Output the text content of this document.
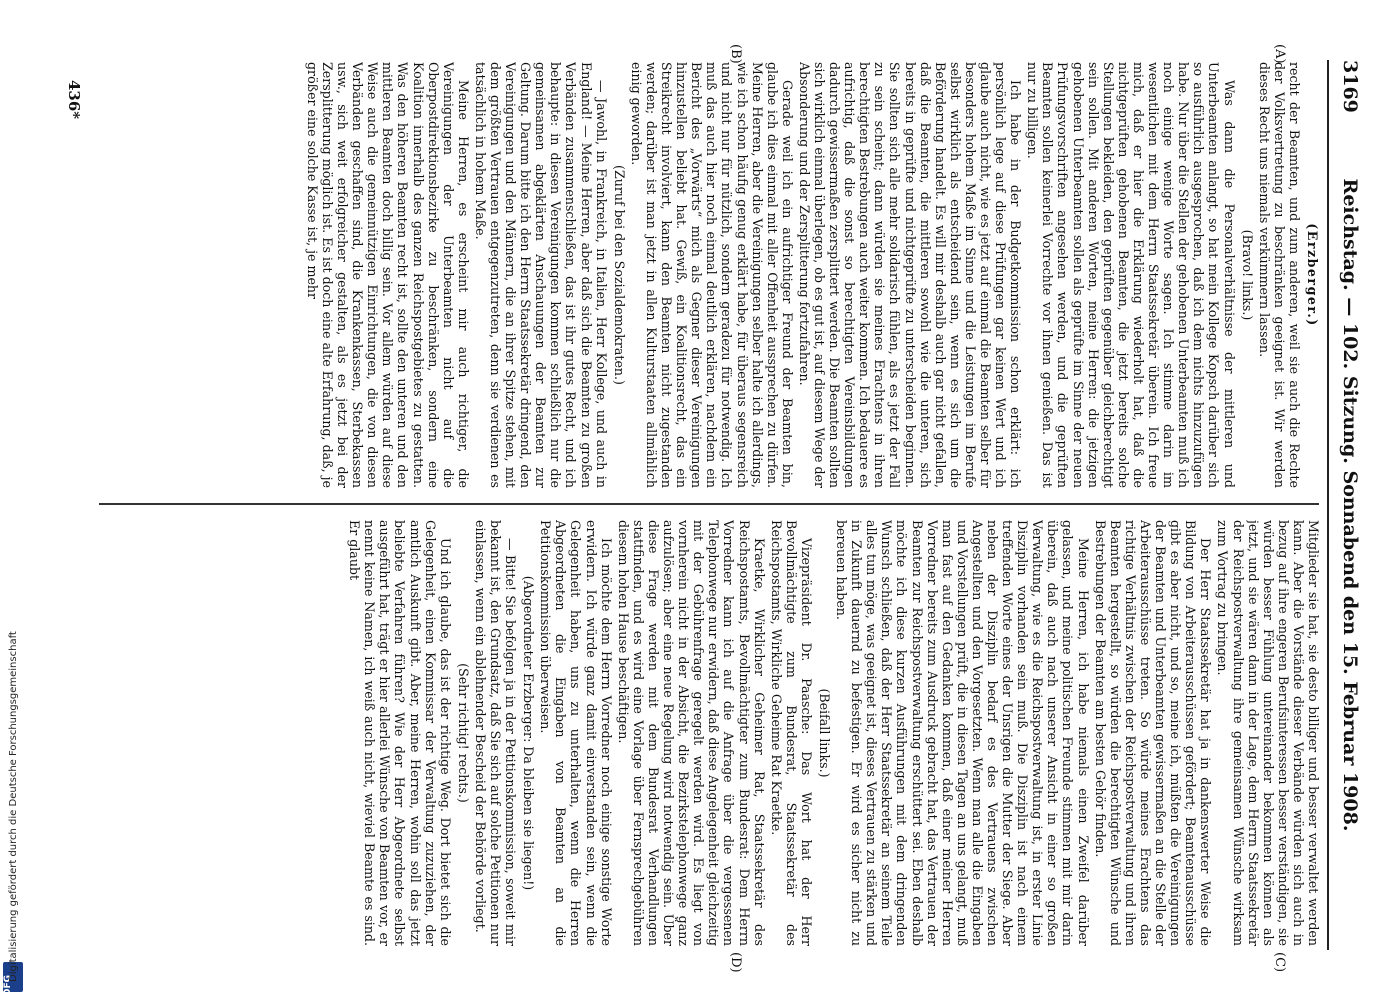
3169
Reichstag. — 102. Sitzung. Sonnabend den 15. Februar 1908.
(A)
(B)
(C)
(D)

(Erzberger.)

recht der Beamten, und zum anderen, weil sie auch die Rechte der Volksvertretung zu beschränken geeignet ist. Wir werden dieses Recht uns niemals verkümmern lassen.

(Bravo! links.)

Was dann die Personalverhältnisse der mittleren und Unterbeamten anlangt, so hat mein Kollege Kopsch darüber sich so ausführlich ausgesprochen, daß ich dem nichts hinzuzufügen habe. Nur über die Stellen der gehobenen Unterbeamten muß ich noch einige wenige Worte sagen. Ich stimme darin im wesentlichen mit dem Herrn Staatssekretär überein. Ich freue mich, daß er hier die Erklärung wiederholt hat, daß die nichtgeprüften gehobenen Beamten, die jetzt bereits solche Stellungen bekleiden, den geprüften gegenüber gleichberechtigt sein sollen. Mit anderen Worten, meine Herren: die jetzigen gehobenen Unterbeamten sollen als geprüfte im Sinne der neuen Prüfungsvorschriften angesehen werden, und die geprüften Beamten sollen keinerlei Vorrechte vor ihnen genießen. Das ist nur zu billigen.

Ich habe in der Budgetkommission schon erklärt: ich persönlich lege auf diese Prüfungen gar keinen Wert und ich glaube auch nicht, wie es jetzt auf einmal die Beamten selber für besonders hohem Maße im Sinne und die Leistungen im Berufe selbst wirklich als entscheidend sein, wenn es sich um die Beförderung handelt. Es will mir deshalb auch gar nicht gefallen, daß die Beamten, die mittleren sowohl wie die unteren, sich bereits in geprüfte und nichtgeprüfte zu unterscheiden beginnen. Sie sollten sich alle mehr solidarisch fühlen, als es jetzt der Fall zu sein scheint; dann würden sie meines Erachtens in ihren berechtigten Bestrebungen auch weiter kommen. Ich bedauere es aufrichtig, daß die sonst so berechtigten Vereinsbildungen dadurch gewissermaßen zersplittert werden. Die Beamten sollten sich wirklich einmal überlegen, ob es gut ist, auf diesem Wege der Absonderung und der Zersplitterung fortzufahren.

Gerade weil ich ein aufrichtiger Freund der Beamten bin, glaube ich dies einmal mit aller Offenheit aussprechen zu dürfen. Meine Herren, aber die Vereinigungen selber halte ich allerdings, wie ich schon häufig genug erklärt habe, für überaus segensreich und nicht nur für nützlich, sondern geradezu für notwendig. Ich muß das auch hier noch einmal deutlich erklären, nachdem ein Bericht des „Vorwärts“ mich als Gegner dieser Vereinigungen hinzustellen beliebt hat. Gewiß, ein Koalitionsrecht, das ein Streikrecht involviert, kann den Beamten nicht zugestanden werden; darüber ist man jetzt in allen Kulturstaaten allmählich einig geworden.

(Zuruf bei den Sozialdemokraten.)

— Jawohl, in Frankreich, in Italien, Herr Kollege, und auch in England! — Meine Herren, aber daß sich die Beamten zu großen Verbänden zusammenschließen, das ist ihr gutes Recht, und ich behaupte: in diesen Vereinigungen kommen schließlich nur die gemeinsamen abgeklärten Anschauungen der Beamten zur Geltung. Darum bitte ich den Herrn Staatssekretär dringend, den Vereinigungen und den Männern, die an ihrer Spitze stehen, mit dem größten Vertrauen entgegenzutreten, denn sie verdienen es tatsächlich in hohem Maße.

Meine Herren, es erscheint mir auch richtiger, die Vereinigungen der Unterbeamten nicht auf die Oberpostdirektionsbezirke zu beschränken, sondern eine Koalition innerhalb des ganzen Reichspostgebietes zu gestatten. Was den höheren Beamten recht ist, sollte den unteren und den mittleren Beamten doch billig sein. Vor allem würden auf diese Weise auch die gemeinnützigen Einrichtungen, die von diesen Verbänden geschaffen sind, die Krankenkassen, Sterbekassen usw., sich weit erfolgreicher gestalten, als es jetzt bei der Zersplitterung möglich ist. Es ist doch eine alte Erfahrung, daß, je größer eine solche Kasse ist, je mehr

Mitglieder sie hat, sie desto billiger und besser verwaltet werden kann. Aber die Vorstände dieser Verbände würden sich auch in bezug auf ihre engeren Berufsinteressen besser verständigen, sie würden besser Fühlung untereinander bekommen können als jetzt, und sie wären dann in der Lage, dem Herrn Staatssekretär der Reichspostverwaltung ihre gemeinsamen Wünsche wirksam zum Vortrag zu bringen.

Der Herr Staatssekretär hat ja in dankenswerter Weise die Bildung von Arbeiterausschüssen gefördert; Beamtenausschüsse gibt es aber nicht, und so, meine ich, müßten die Vereinigungen der Beamten und Unterbeamten gewissermaßen an die Stelle der Arbeiterausschüsse treten. So würde meines Erachtens das richtige Verhältnis zwischen der Reichspostverwaltung und ihren Beamten hergestellt, so würden die berechtigten Wünsche und Bestrebungen der Beamten am besten Gehör finden.

Meine Herren, ich habe niemals einen Zweifel darüber gelassen, und meine politischen Freunde stimmen mit mir darin überein, daß auch nach unserer Ansicht in einer so großen Verwaltung, wie es die Reichspostverwaltung ist, in erster Linie Disziplin vorhanden sein muß. Die Disziplin ist nach einem treffenden Worte eines der Unsrigen die Mutter der Siege. Aber neben der Disziplin bedarf es des Vertrauens zwischen Angestellten und den Vorgesetzten. Wenn man alle die Eingaben und Vorstellungen prüft, die in diesen Tagen an uns gelangt, muß man fast auf den Gedanken kommen, daß einer meiner Herren Vorredner bereits zum Ausdruck gebracht hat, das Vertrauen der Beamten zur Reichspostverwaltung erschüttert sei. Eben deshalb möchte ich diese kurzen Ausführungen mit dem dringenden Wunsch schließen, daß der Herr Staatssekretär an seinem Teile alles tun möge, was geeignet ist, dieses Vertrauen zu stärken und in Zukunft dauernd zu befestigen. Er wird es sicher nicht zu bereuen haben.

(Beifall links.)

Vizepräsident Dr. Paasche: Das Wort hat der Herr Bevollmächtigte zum Bundesrat, Staatssekretär des Reichspostamts, Wirkliche Geheime Rat Kraetke.

Kraetke, Wirklicher Geheimer Rat, Staatssekretär des Reichspostamts, Bevollmächtigter zum Bundesrat: Dem Herrn Vorredner kann ich auf die Anfrage über die vergessenen Telephonwege nur erwidern, daß diese Angelegenheit gleichzeitig mit der Gebührenfrage geregelt werden wird. Es liegt von vornherein nicht in der Absicht, die Bezirkstelephonwege ganz aufzulösen; aber eine neue Regelung wird notwendig sein. Über diese Frage werden mit dem Bundesrat Verhandlungen stattfinden, und es wird eine Vorlage über Fernsprechgebühren diesem hohen Hause beschäftigen.

Ich möchte dem Herrn Vorredner noch einige sonstige Worte erwidern. Ich würde ganz damit einverstanden sein, wenn die Gelegenheit haben, uns zu unterhalten, wenn die Herren Abgeordneten die Eingaben von Beamten an die Petitionskommission überweisen.

(Abgeordneter Erzberger: Da bleiben sie liegen!)

— Bitte! Sie befolgen ja in der Petitionskommission, soweit mir bekannt ist, den Grundsatz, daß Sie sich auf solche Petitionen nur einlassen, wenn ein ablehnender Bescheid der Behörde vorliegt.

(Sehr richtig! rechts.)

Und ich glaube, das ist der richtige Weg. Dort bietet sich die Gelegenheit, einen Kommissar der Verwaltung zuzuziehen, der amtlich Auskunft gibt. Aber, meine Herren, wohin soll das jetzt beliebte Verfahren führen? Wie der Herr Abgeordnete selbst ausgeführt hat, trägt er hier allerlei Wünsche von Beamten vor, er nennt keine Namen, ich weiß auch nicht, wieviel Beamte es sind. Er glaubt

436*
DFG
Digitalisierung gefördert durch die Deutsche Forschungsgemeinschaft
